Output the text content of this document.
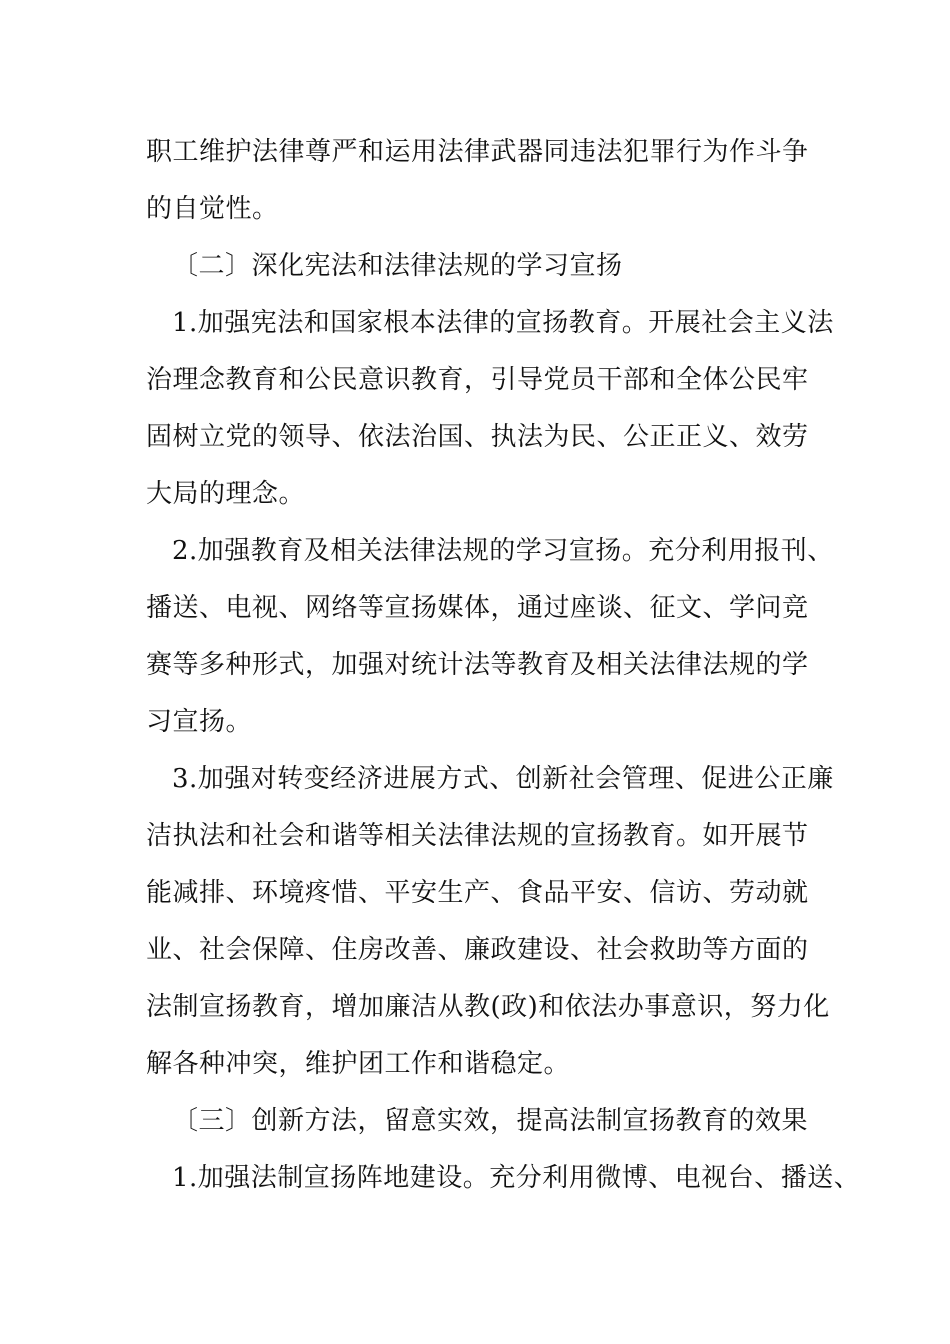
职工维护法律尊严和运用法律武器同违法犯罪行为作斗争
的自觉性。
〔二〕深化宪法和法律法规的学习宣扬
1.加强宪法和国家根本法律的宣扬教育。开展社会主义法
治理念教育和公民意识教育，引导党员干部和全体公民牢
固树立党的领导、依法治国、执法为民、公正正义、效劳
大局的理念。
2.加强教育及相关法律法规的学习宣扬。充分利用报刊、
播送、电视、网络等宣扬媒体，通过座谈、征文、学问竞
赛等多种形式，加强对统计法等教育及相关法律法规的学
习宣扬。
3.加强对转变经济进展方式、创新社会管理、促进公正廉
洁执法和社会和谐等相关法律法规的宣扬教育。如开展节
能减排、环境疼惜、平安生产、食品平安、信访、劳动就
业、社会保障、住房改善、廉政建设、社会救助等方面的
法制宣扬教育，增加廉洁从教(政)和依法办事意识，努力化
解各种冲突，维护团工作和谐稳定。
〔三〕创新方法，留意实效，提高法制宣扬教育的效果
1.加强法制宣扬阵地建设。充分利用微博、电视台、播送、
